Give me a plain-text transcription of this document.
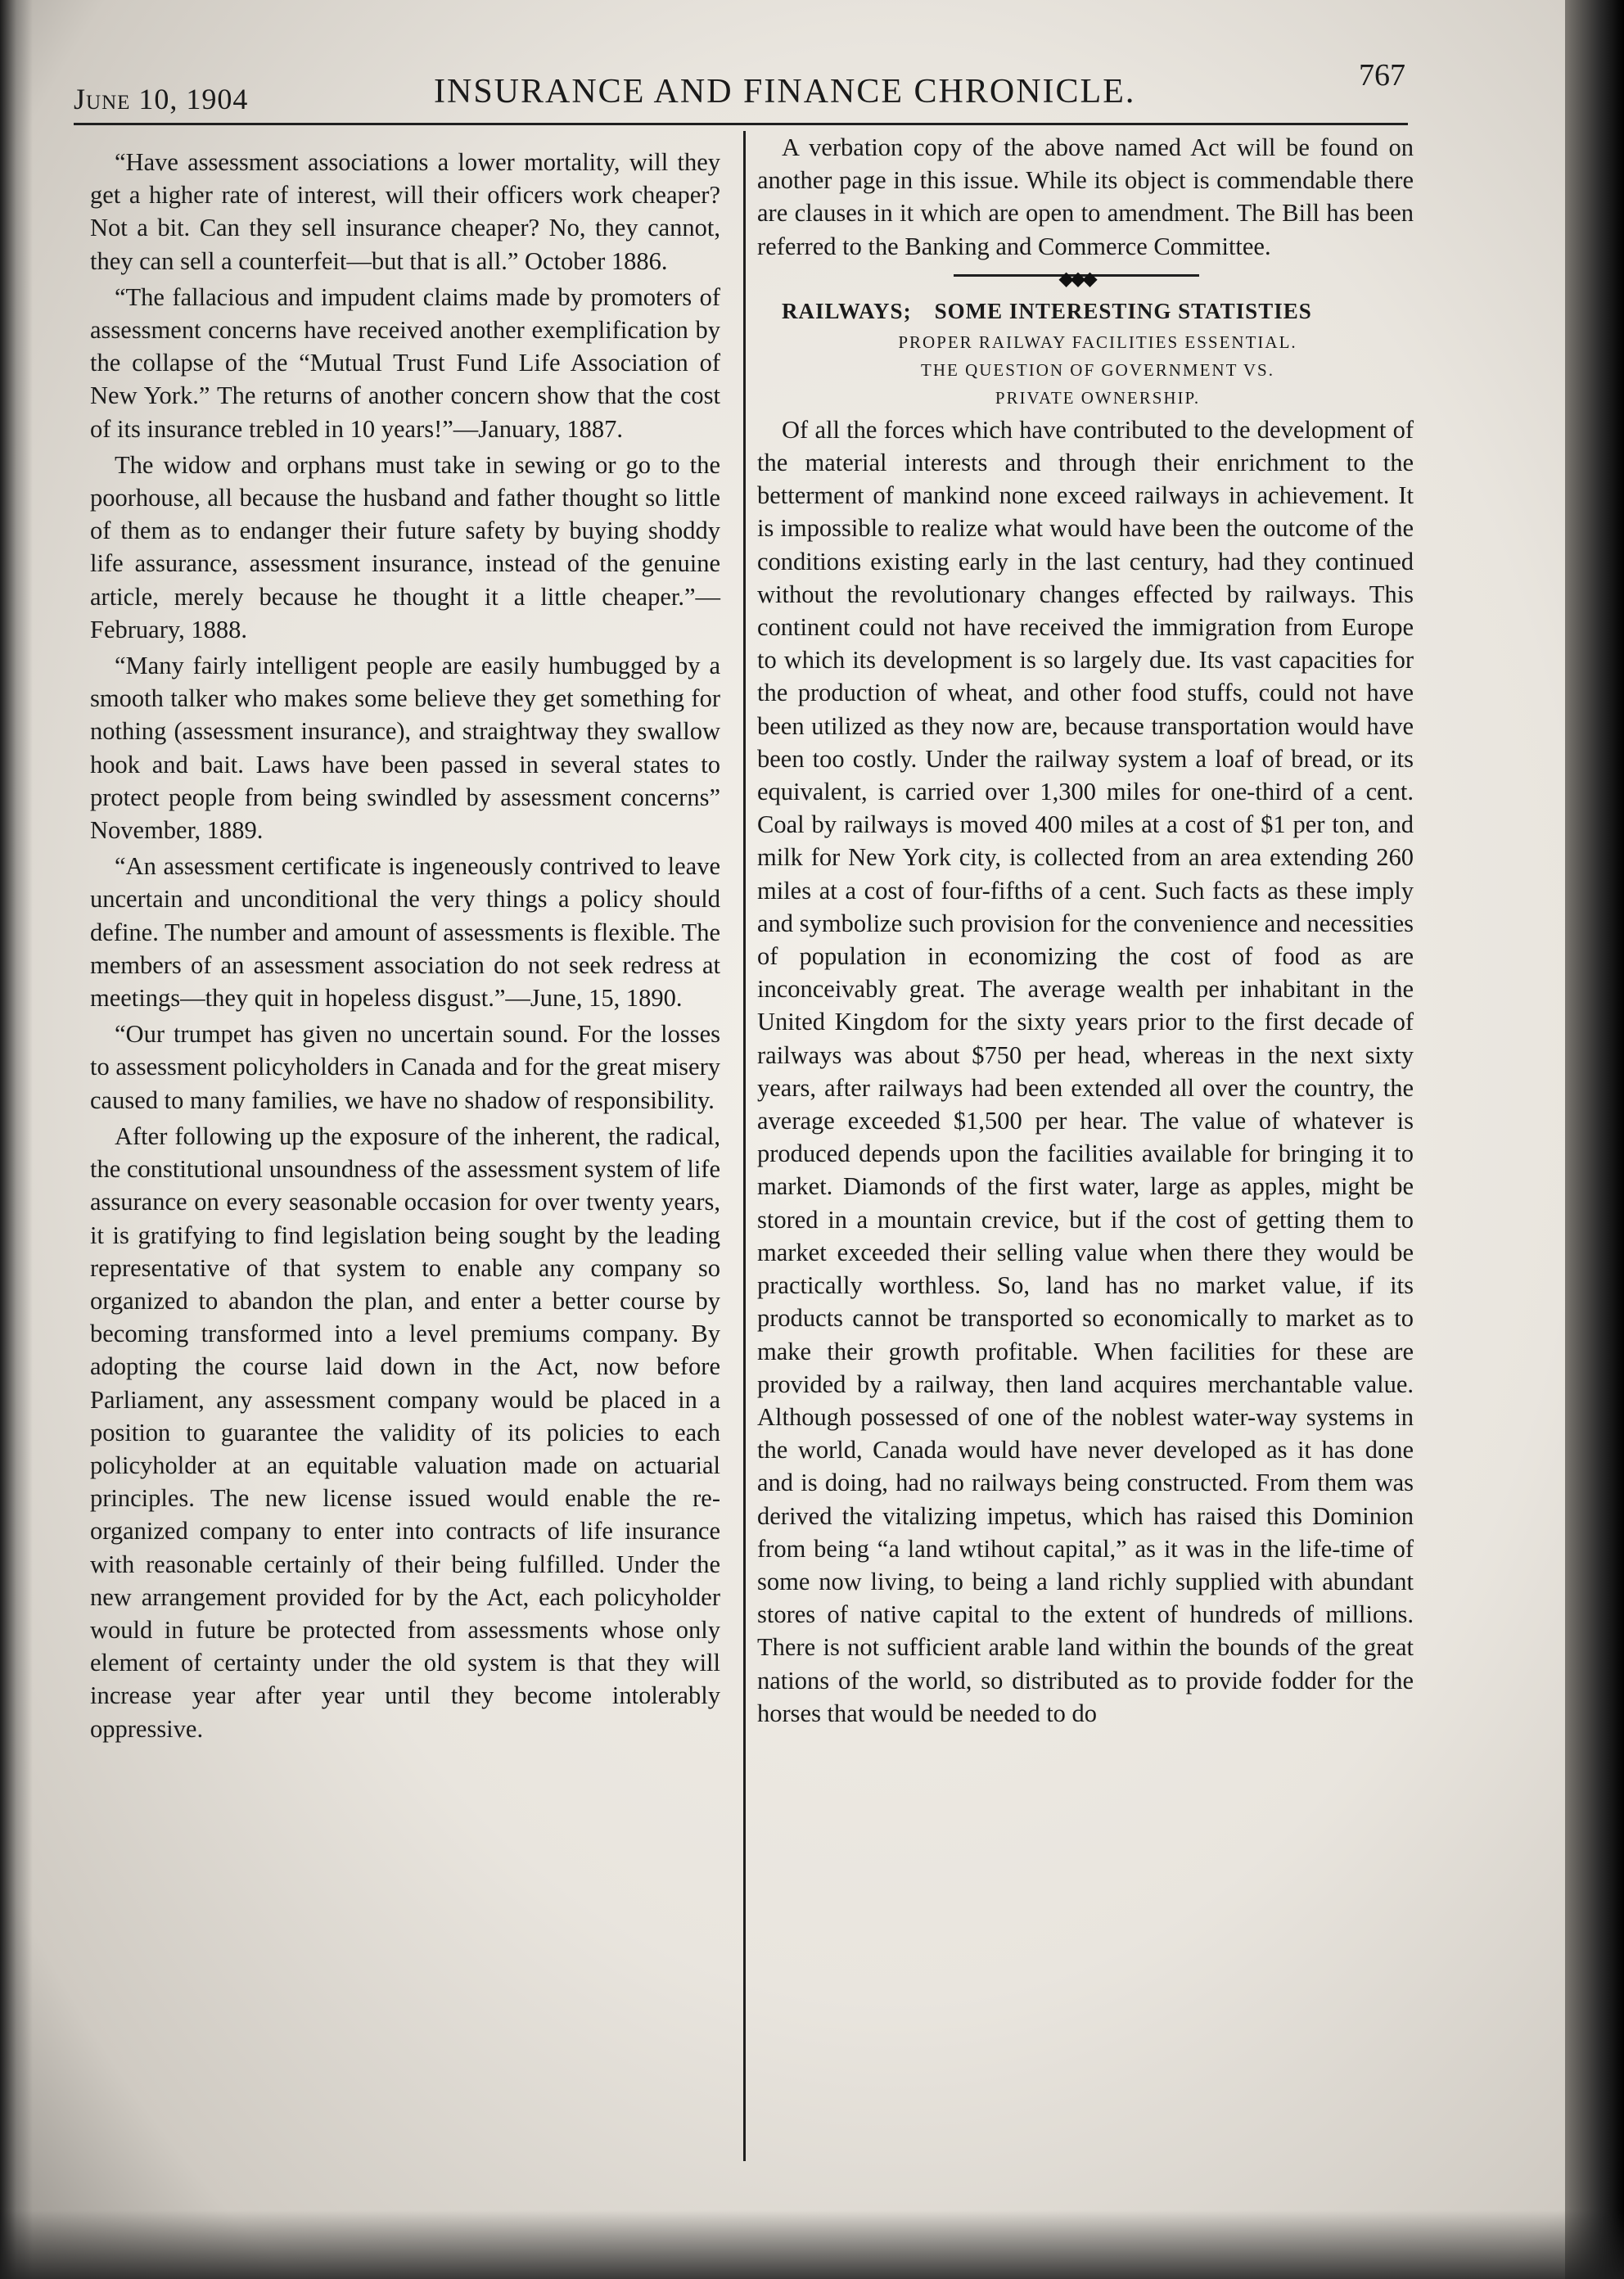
June 10, 1904	INSURANCE AND FINANCE CHRONICLE.	767

“Have assessment associations a lower mortality, will they get a higher rate of interest, will their officers work cheaper? Not a bit. Can they sell insurance cheaper? No, they cannot, they can sell a counterfeit—but that is all.” October 1886.

“The fallacious and impudent claims made by promoters of assessment concerns have received another exemplification by the collapse of the “Mutual Trust Fund Life Association of New York.” The returns of another concern show that the cost of its insurance trebled in 10 years!”—January, 1887.

The widow and orphans must take in sewing or go to the poorhouse, all because the husband and father thought so little of them as to endanger their future safety by buying shoddy life assurance, assessment insurance, instead of the genuine article, merely because he thought it a little cheaper.”—February, 1888.

“Many fairly intelligent people are easily humbugged by a smooth talker who makes some believe they get something for nothing (assessment insurance), and straightway they swallow hook and bait. Laws have been passed in several states to protect people from being swindled by assessment concerns” November, 1889.

“An assessment certificate is ingeneously contrived to leave uncertain and unconditional the very things a policy should define. The number and amount of assessments is flexible. The members of an assessment association do not seek redress at meetings—they quit in hopeless disgust.”—June, 15, 1890.

“Our trumpet has given no uncertain sound. For the losses to assessment policyholders in Canada and for the great misery caused to many families, we have no shadow of responsibility.

After following up the exposure of the inherent, the radical, the constitutional unsoundness of the assessment system of life assurance on every seasonable occasion for over twenty years, it is gratifying to find legislation being sought by the leading representative of that system to enable any company so organized to abandon the plan, and enter a better course by becoming transformed into a level premiums company. By adopting the course laid down in the Act, now before Parliament, any assessment company would be placed in a position to guarantee the validity of its policies to each policyholder at an equitable valuation made on actuarial principles. The new license issued would enable the re-organized company to enter into contracts of life insurance with reasonable certainly of their being fulfilled. Under the new arrangement provided for by the Act, each policyholder would in future be protected from assessments whose only element of certainty under the old system is that they will increase year after year until they become intolerably oppressive.

A verbation copy of the above named Act will be found on another page in this issue. While its object is commendable there are clauses in it which are open to amendment. The Bill has been referred to the Banking and Commerce Committee.

◆◆◆

RAILWAYS; SOME INTERESTING STATISTIES

PROPER RAILWAY FACILITIES ESSENTIAL.

THE QUESTION OF GOVERNMENT VS.

PRIVATE OWNERSHIP.

Of all the forces which have contributed to the development of the material interests and through their enrichment to the betterment of mankind none exceed railways in achievement. It is impossible to realize what would have been the outcome of the conditions existing early in the last century, had they continued without the revolutionary changes effected by railways. This continent could not have received the immigration from Europe to which its development is so largely due. Its vast capacities for the production of wheat, and other food stuffs, could not have been utilized as they now are, because transportation would have been too costly. Under the railway system a loaf of bread, or its equivalent, is carried over 1,300 miles for one-third of a cent. Coal by railways is moved 400 miles at a cost of $1 per ton, and milk for New York city, is collected from an area extending 260 miles at a cost of four-fifths of a cent. Such facts as these imply and symbolize such provision for the convenience and necessities of population in economizing the cost of food as are inconceivably great. The average wealth per inhabitant in the United Kingdom for the sixty years prior to the first decade of railways was about $750 per head, whereas in the next sixty years, after railways had been extended all over the country, the average exceeded $1,500 per hear. The value of whatever is produced depends upon the facilities available for bringing it to market. Diamonds of the first water, large as apples, might be stored in a mountain crevice, but if the cost of getting them to market exceeded their selling value when there they would be practically worthless. So, land has no market value, if its products cannot be transported so economically to market as to make their growth profitable. When facilities for these are provided by a railway, then land acquires merchantable value. Although possessed of one of the noblest water-way systems in the world, Canada would have never developed as it has done and is doing, had no railways being constructed. From them was derived the vitalizing impetus, which has raised this Dominion from being “a land wtihout capital,” as it was in the life-time of some now living, to being a land richly supplied with abundant stores of native capital to the extent of hundreds of millions. There is not sufficient arable land within the bounds of the great nations of the world, so distributed as to provide fodder for the horses that would be needed to do
